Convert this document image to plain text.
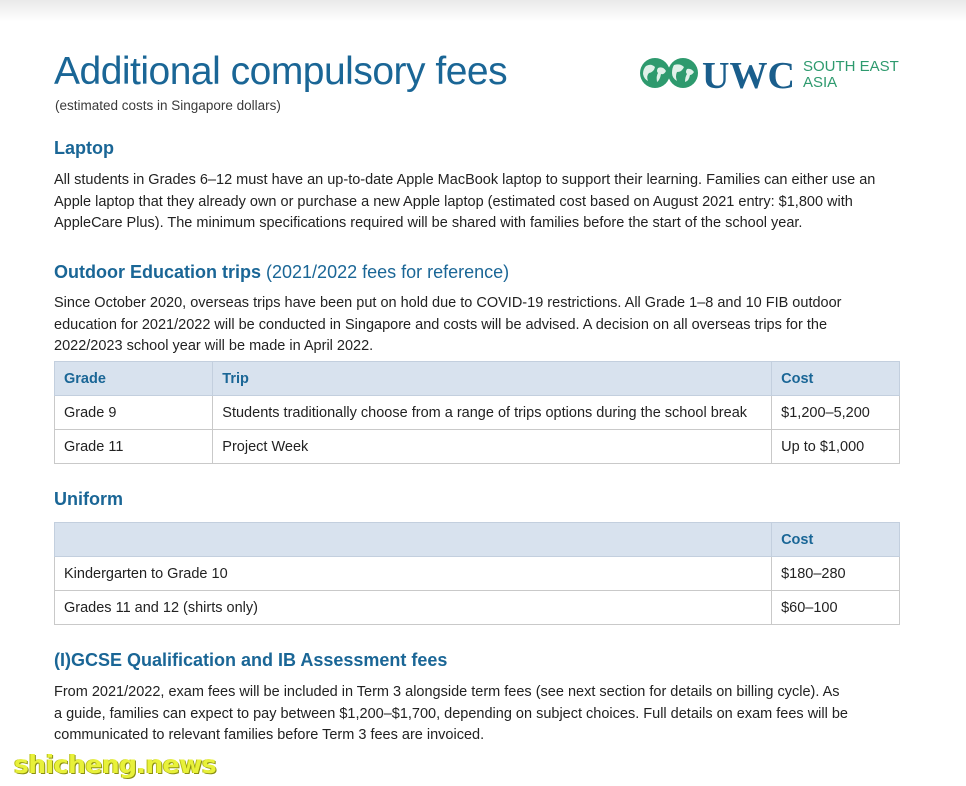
Additional compulsory fees
(estimated costs in Singapore dollars)
UWC SOUTH EAST
ASIA
Laptop
All students in Grades 6–12 must have an up-to-date Apple MacBook laptop to support their learning. Families can either use an
Apple laptop that they already own or purchase a new Apple laptop (estimated cost based on August 2021 entry: $1,800 with
AppleCare Plus). The minimum specifications required will be shared with families before the start of the school year.
Outdoor Education trips (2021/2022 fees for reference)
Since October 2020, overseas trips have been put on hold due to COVID-19 restrictions. All Grade 1–8 and 10 FIB outdoor
education for 2021/2022 will be conducted in Singapore and costs will be advised. A decision on all overseas trips for the
2022/2023 school year will be made in April 2022.
Grade	Trip	Cost
Grade 9	Students traditionally choose from a range of trips options during the school break	$1,200–5,200
Grade 11	Project Week	Up to $1,000
Uniform
	Cost
Kindergarten to Grade 10	$180–280
Grades 11 and 12 (shirts only)	$60–100
(I)GCSE Qualification and IB Assessment fees
From 2021/2022, exam fees will be included in Term 3 alongside term fees (see next section for details on billing cycle). As
a guide, families can expect to pay between $1,200–$1,700, depending on subject choices. Full details on exam fees will be
communicated to relevant families before Term 3 fees are invoiced.
shicheng.news
